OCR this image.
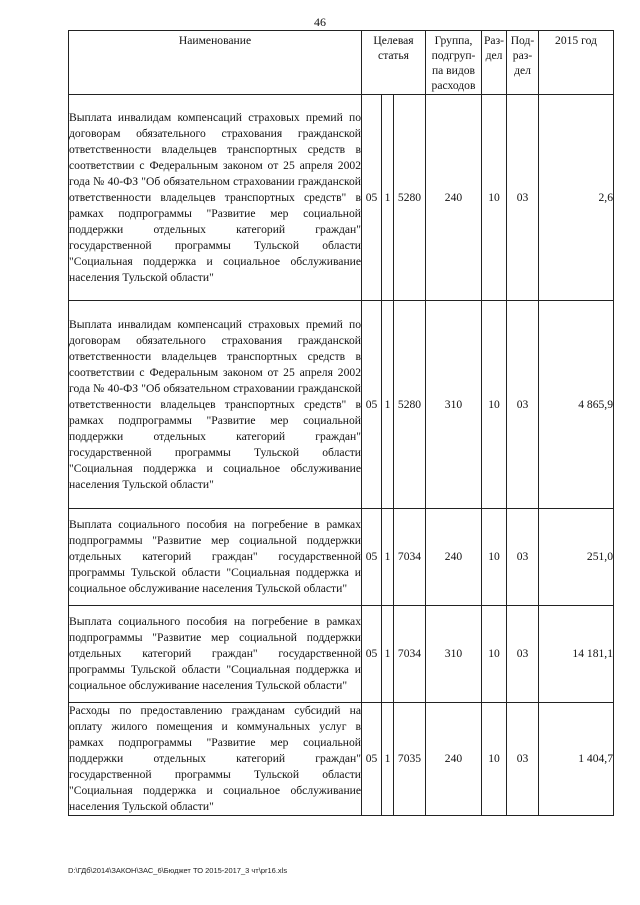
46
Наименование	Целевая статья			Группа, подгруп-па видов расходов	Раз-дел	Под-раз-дел	2015 год

Выплата инвалидам компенсаций страховых премий по договорам обязательного страхования гражданской ответственности владельцев транспортных средств в соответствии с Федеральным законом от 25 апреля 2002 года № 40-ФЗ "Об обязательном страховании гражданской ответственности владельцев транспортных средств" в рамках подпрограммы "Развитие мер социальной поддержки отдельных категорий граждан" государственной программы Тульской области "Социальная поддержка и социальное обслуживание населения Тульской области"	05	1	5280	240	10	03	2,6

Выплата инвалидам компенсаций страховых премий по договорам обязательного страхования гражданской ответственности владельцев транспортных средств в соответствии с Федеральным законом от 25 апреля 2002 года № 40-ФЗ "Об обязательном страховании гражданской ответственности владельцев транспортных средств" в рамках подпрограммы "Развитие мер социальной поддержки отдельных категорий граждан" государственной программы Тульской области "Социальная поддержка и социальное обслуживание населения Тульской области"	05	1	5280	310	10	03	4 865,9

Выплата социального пособия на погребение в рамках подпрограммы "Развитие мер социальной поддержки отдельных категорий граждан" государственной программы Тульской области "Социальная поддержка и социальное обслуживание населения Тульской области"	05	1	7034	240	10	03	251,0

Выплата социального пособия на погребение в рамках подпрограммы "Развитие мер социальной поддержки отдельных категорий граждан" государственной программы Тульской области "Социальная поддержка и социальное обслуживание населения Тульской области"	05	1	7034	310	10	03	14 181,1

Расходы по предоставлению гражданам субсидий на оплату жилого помещения и коммунальных услуг в рамках подпрограммы "Развитие мер социальной поддержки отдельных категорий граждан" государственной программы Тульской области "Социальная поддержка и социальное обслуживание населения Тульской области"	05	1	7035	240	10	03	1 404,7
D:\ГДб\2014\ЗАКОН\ЗАС_6\Бюджет ТО 2015-2017_3 чт\pr16.xls
